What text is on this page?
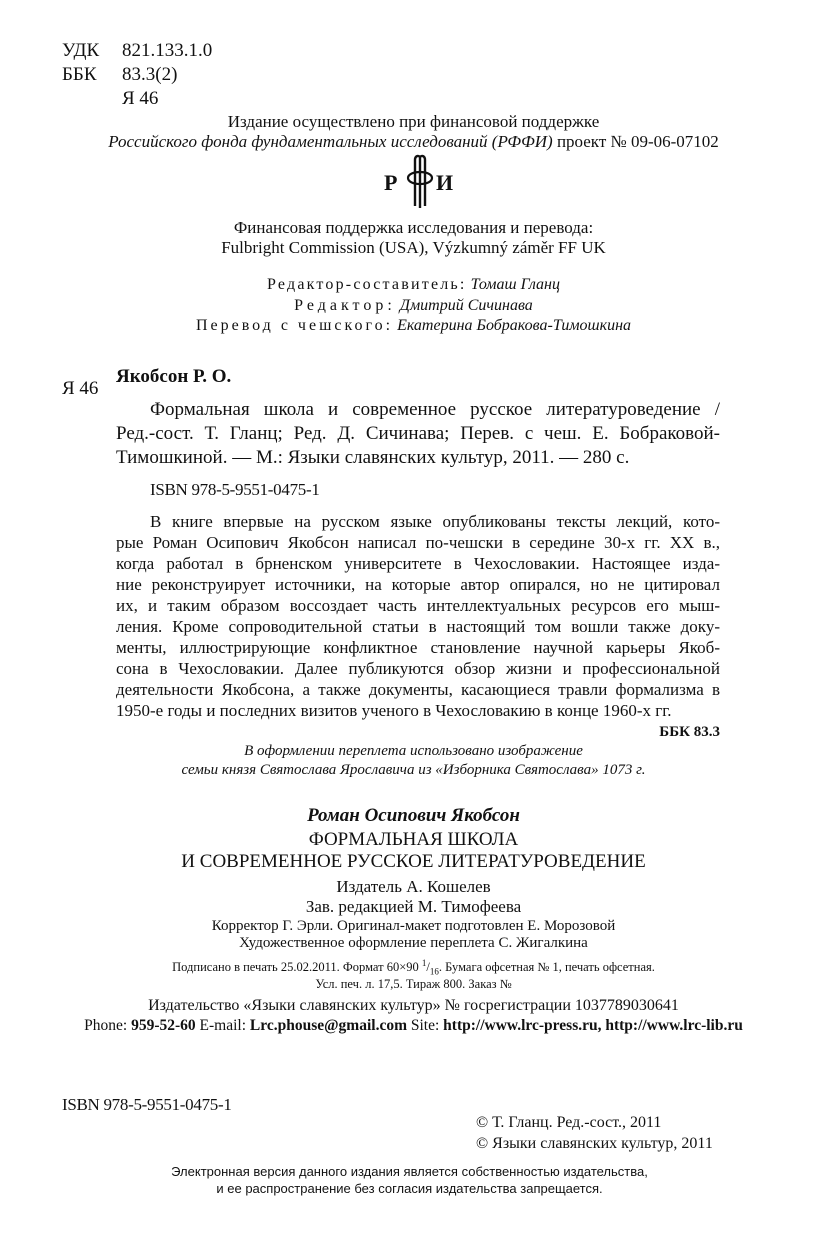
УДК 821.133.1.0
ББК 83.3(2)
Я 46
Издание осуществлено при финансовой поддержке
Российского фонда фундаментальных исследований (РФФИ) проект № 09-06-07102
Р И
Финансовая поддержка исследования и перевода:
Fulbright Commission (USA), Výzkumný záměr FF UK
Редактор-составитель: Томаш Гланц
Редактор: Дмитрий Сичинава
Перевод с чешского: Екатерина Бобракова-Тимошкина
Я 46
Якобсон Р. О.
Формальная школа и современное русское литературоведение /
Ред.-сост. Т. Гланц; Ред. Д. Сичинава; Перев. с чеш. Е. Бобраковой-
Тимошкиной. — М.: Языки славянских культур, 2011. — 280 с.
ISBN 978-5-9551-0475-1
В книге впервые на русском языке опубликованы тексты лекций, кото-
рые Роман Осипович Якобсон написал по-чешски в середине 30-х гг. XX в.,
когда работал в брненском университете в Чехословакии. Настоящее изда-
ние реконструирует источники, на которые автор опирался, но не цитировал
их, и таким образом воссоздает часть интеллектуальных ресурсов его мыш-
ления. Кроме сопроводительной статьи в настоящий том вошли также доку-
менты, иллюстрирующие конфликтное становление научной карьеры Якоб-
сона в Чехословакии. Далее публикуются обзор жизни и профессиональной
деятельности Якобсона, а также документы, касающиеся травли формализма в
1950-е годы и последних визитов ученого в Чехословакию в конце 1960-х гг.
ББК 83.3
В оформлении переплета использовано изображение
семьи князя Святослава Ярославича из «Изборника Святослава» 1073 г.
Роман Осипович Якобсон
ФОРМАЛЬНАЯ ШКОЛА
И СОВРЕМЕННОЕ РУССКОЕ ЛИТЕРАТУРОВЕДЕНИЕ
Издатель А. Кошелев
Зав. редакцией М. Тимофеева
Корректор Г. Эрли. Оригинал-макет подготовлен Е. Морозовой
Художественное оформление переплета С. Жигалкина
Подписано в печать 25.02.2011. Формат 60×90 $^1/_{16}$. Бумага офсетная № 1, печать офсетная.
Усл. печ. л. 17,5. Тираж 800. Заказ №
Издательство «Языки славянских культур» № госрегистрации 1037789030641
Phone: 959-52-60 E-mail: Lrc.phouse@gmail.com Site: http://www.lrc-press.ru, http://www.lrc-lib.ru
ISBN 978-5-9551-0475-1
© Т. Гланц. Ред.-сост., 2011
© Языки славянских культур, 2011
Электронная версия данного издания является собственностью издательства,
и ее распространение без согласия издательства запрещается.
